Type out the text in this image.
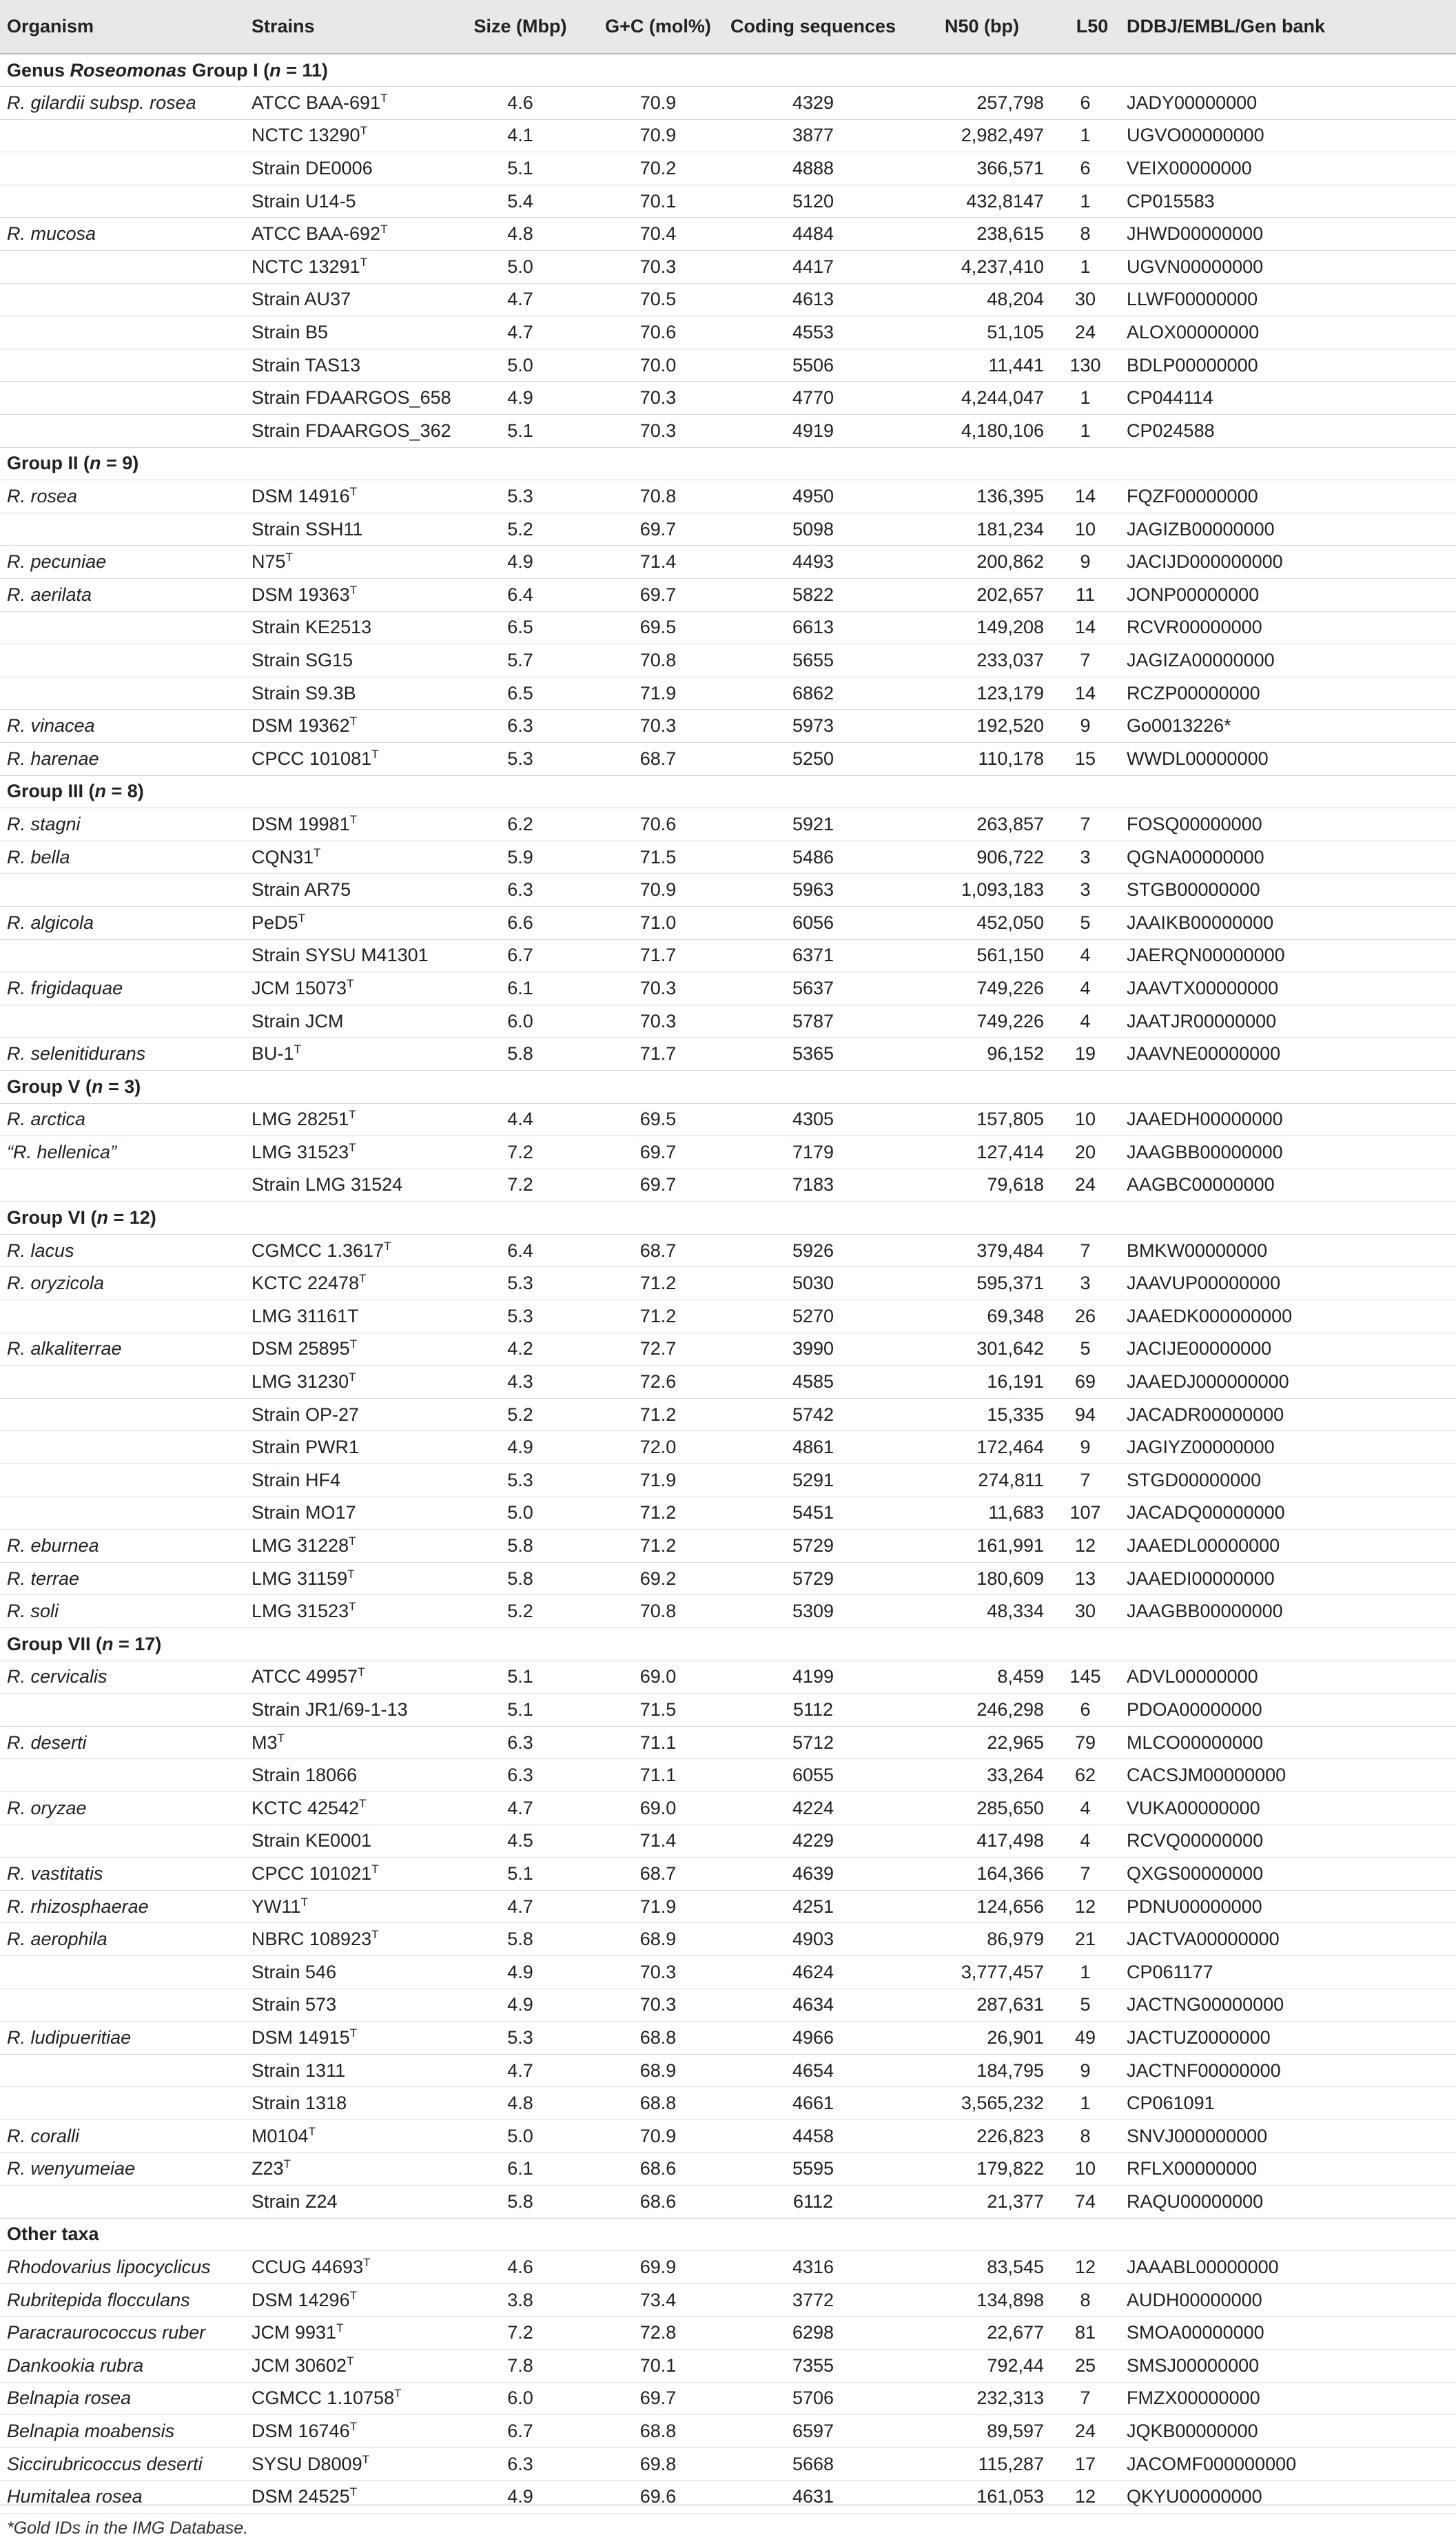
Organism	Strains	Size (Mbp)	G+C (mol%)	Coding sequences	N50 (bp)	L50	DDBJ/EMBL/Gen bank
Genus Roseomonas Group I (n = 11)							
R. gilardii subsp. rosea	ATCC BAA-$691^T$	4.6	70.9	4329	257,798	6	JADY00000000
	NCTC $13290^T$	4.1	70.9	3877	2,982,497	1	UGVO00000000
	Strain DE0006	5.1	70.2	4888	366,571	6	VEIX00000000
	Strain U14-5	5.4	70.1	5120	432,8147	1	CP015583
R. mucosa	ATCC BAA-$692^T$	4.8	70.4	4484	238,615	8	JHWD00000000
	NCTC $13291^T$	5.0	70.3	4417	4,237,410	1	UGVN00000000
	Strain AU37	4.7	70.5	4613	48,204	30	LLWF00000000
	Strain B5	4.7	70.6	4553	51,105	24	ALOX00000000
	Strain TAS13	5.0	70.0	5506	11,441	130	BDLP00000000
	Strain FDAARGOS_658	4.9	70.3	4770	4,244,047	1	CP044114
	Strain FDAARGOS_362	5.1	70.3	4919	4,180,106	1	CP024588
Group II (n = 9)							
R. rosea	DSM $14916^T$	5.3	70.8	4950	136,395	14	FQZF00000000
	Strain SSH11	5.2	69.7	5098	181,234	10	JAGIZB00000000
R. pecuniae	$N75^T$	4.9	71.4	4493	200,862	9	JACIJD000000000
R. aerilata	DSM $19363^T$	6.4	69.7	5822	202,657	11	JONP00000000
	Strain KE2513	6.5	69.5	6613	149,208	14	RCVR00000000
	Strain SG15	5.7	70.8	5655	233,037	7	JAGIZA00000000
	Strain S9.3B	6.5	71.9	6862	123,179	14	RCZP00000000
R. vinacea	DSM $19362^T$	6.3	70.3	5973	192,520	9	Go0013226*
R. harenae	CPCC $101081^T$	5.3	68.7	5250	110,178	15	WWDL00000000
Group III (n = 8)							
R. stagni	DSM $19981^T$	6.2	70.6	5921	263,857	7	FOSQ00000000
R. bella	$CQN31^T$	5.9	71.5	5486	906,722	3	QGNA00000000
	Strain AR75	6.3	70.9	5963	1,093,183	3	STGB00000000
R. algicola	$PeD5^T$	6.6	71.0	6056	452,050	5	JAAIKB00000000
	Strain SYSU M41301	6.7	71.7	6371	561,150	4	JAERQN00000000
R. frigidaquae	JCM $15073^T$	6.1	70.3	5637	749,226	4	JAAVTX00000000
	Strain JCM	6.0	70.3	5787	749,226	4	JAATJR00000000
R. selenitidurans	$BU-1^T$	5.8	71.7	5365	96,152	19	JAAVNE00000000
Group V (n = 3)							
R. arctica	LMG $28251^T$	4.4	69.5	4305	157,805	10	JAAEDH00000000
“R. hellenica”	LMG $31523^T$	7.2	69.7	7179	127,414	20	JAAGBB00000000
	Strain LMG 31524	7.2	69.7	7183	79,618	24	AAGBC00000000
Group VI (n = 12)							
R. lacus	CGMCC $1.3617^T$	6.4	68.7	5926	379,484	7	BMKW00000000
R. oryzicola	KCTC $22478^T$	5.3	71.2	5030	595,371	3	JAAVUP00000000
	LMG 31161T	5.3	71.2	5270	69,348	26	JAAEDK000000000
R. alkaliterrae	DSM $25895^T$	4.2	72.7	3990	301,642	5	JACIJE00000000
	LMG $31230^T$	4.3	72.6	4585	16,191	69	JAAEDJ000000000
	Strain OP-27	5.2	71.2	5742	15,335	94	JACADR00000000
	Strain PWR1	4.9	72.0	4861	172,464	9	JAGIYZ00000000
	Strain HF4	5.3	71.9	5291	274,811	7	STGD00000000
	Strain MO17	5.0	71.2	5451	11,683	107	JACADQ00000000
R. eburnea	LMG $31228^T$	5.8	71.2	5729	161,991	12	JAAEDL00000000
R. terrae	LMG $31159^T$	5.8	69.2	5729	180,609	13	JAAEDI00000000
R. soli	LMG $31523^T$	5.2	70.8	5309	48,334	30	JAAGBB00000000
Group VII (n = 17)							
R. cervicalis	ATCC $49957^T$	5.1	69.0	4199	8,459	145	ADVL00000000
	Strain JR1/69-1-13	5.1	71.5	5112	246,298	6	PDOA00000000
R. deserti	$M3^T$	6.3	71.1	5712	22,965	79	MLCO00000000
	Strain 18066	6.3	71.1	6055	33,264	62	CACSJM00000000
R. oryzae	KCTC $42542^T$	4.7	69.0	4224	285,650	4	VUKA00000000
	Strain KE0001	4.5	71.4	4229	417,498	4	RCVQ00000000
R. vastitatis	CPCC $101021^T$	5.1	68.7	4639	164,366	7	QXGS00000000
R. rhizosphaerae	$YW11^T$	4.7	71.9	4251	124,656	12	PDNU00000000
R. aerophila	NBRC $108923^T$	5.8	68.9	4903	86,979	21	JACTVA00000000
	Strain 546	4.9	70.3	4624	3,777,457	1	CP061177
	Strain 573	4.9	70.3	4634	287,631	5	JACTNG00000000
R. ludipueritiae	DSM $14915^T$	5.3	68.8	4966	26,901	49	JACTUZ0000000
	Strain 1311	4.7	68.9	4654	184,795	9	JACTNF00000000
	Strain 1318	4.8	68.8	4661	3,565,232	1	CP061091
R. coralli	$M0104^T$	5.0	70.9	4458	226,823	8	SNVJ000000000
R. wenyumeiae	$Z23^T$	6.1	68.6	5595	179,822	10	RFLX00000000
	Strain Z24	5.8	68.6	6112	21,377	74	RAQU00000000
Other taxa							
Rhodovarius lipocyclicus	CCUG $44693^T$	4.6	69.9	4316	83,545	12	JAAABL00000000
Rubritepida flocculans	DSM $14296^T$	3.8	73.4	3772	134,898	8	AUDH00000000
Paracraurococcus ruber	JCM $9931^T$	7.2	72.8	6298	22,677	81	SMOA00000000
Dankookia rubra	JCM $30602^T$	7.8	70.1	7355	792,44	25	SMSJ00000000
Belnapia rosea	CGMCC $1.10758^T$	6.0	69.7	5706	232,313	7	FMZX00000000
Belnapia moabensis	DSM $16746^T$	6.7	68.8	6597	89,597	24	JQKB00000000
Siccirubricoccus deserti	SYSU $D8009^T$	6.3	69.8	5668	115,287	17	JACOMF000000000
Humitalea rosea	DSM $24525^T$	4.9	69.6	4631	161,053	12	QKYU00000000
*Gold IDs in the IMG Database.
